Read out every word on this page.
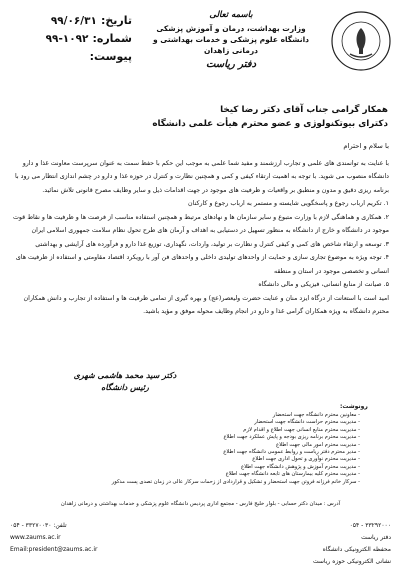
تاریخ:
۹۹/۰۶/۳۱
شماره:
۹۹-۱۰۹۲
پیوست:
باسمه تعالی
وزارت بهداشت، درمان و آموزش پزشکی
دانشگاه علوم پزشکی و خدمات بهداشتی و درمانی زاهدان
دفتر ریاست
همکار گرامی جناب آقای دکتر رضا کیخا
دکترای بیوتکنولوژی و عضو محترم هیأت علمی دانشگاه

با سلام و احترام

با عنایت به توانمندی های علمی و تجارب ارزشمند و مفید شما علمی به موجب این حکم با حفظ سمت به عنوان سرپرست معاونت غذا و دارو دانشگاه منصوب می شوید. با توجه به اهمیت ارتقاء کیفی و کمی و همچنین نظارت و کنترل در حوزه غذا و دارو در چشم اندازی انتظار می رود با برنامه ریزی دقیق و مدون و منطبق بر واقعیات و ظرفیت های موجود در جهت اقدامات ذیل و سایر وظایف مصرح قانونی تلاش نمائید.

۱. تکریم ارباب رجوع و پاسخگویی شایسته و مستمر به ارباب رجوع و کارکنان

۲. همکاری و هماهنگی لازم با وزارت متبوع و سایر سازمان ها و نهادهای مرتبط و همچنین استفاده مناسب از فرصت ها و ظرفیت ها و نقاط قوت موجود در دانشگاه و خارج از دانشگاه به منظور تسهیل در دستیابی به اهداف و آرمان های طرح تحول نظام سلامت جمهوری اسلامی ایران

۳. توسعه و ارتقاء شاخص های کمی و کیفی کنترل و نظارت بر تولید، واردات، نگهداری، توزیع غذا دارو و فرآورده های آرایشی و بهداشتی

۴. توجه ویژه به موضوع تجاری سازی و حمایت از واحدهای تولیدی داخلی و واحدهای فن آور با رویکرد اقتصاد مقاومتی و استفاده از ظرفیت های انسانی و تخصصی موجود در استان و منطقه

۵. صیانت از منابع انسانی، فیزیکی و مالی دانشگاه

امید است با استعانت از درگاه ایزد منان و عنایت حضرت ولیعصر(عج) و بهره گیری از تمامی ظرفیت ها و استفاده از تجارب و دانش همکاران محترم دانشگاه به ویژه همکاران گرامی غذا و دارو در انجام وظایف محوله موفق و مؤید باشید.

دکتر سید محمد هاشمی شهری
رئیس دانشگاه
رونوشت:
- معاونین محترم دانشگاه جهت استحضار
- مدیریت محترم حراست دانشگاه جهت استحضار
- مدیریت محترم منابع انسانی جهت اطلاع و اقدام لازم
- مدیریت محترم برنامه ریزی بودجه و پایش عملکرد جهت اطلاع
- مدیریت محترم امور مالی جهت اطلاع
- مدیر محترم دفتر ریاست و روابط عمومی دانشگاه جهت اطلاع
- مدیریت محترم نوآوری و تحول اداری جهت اطلاع
- مدیریت محترم آموزش و پژوهش دانشگاه جهت اطلاع
- مدیریت محترم کلیه بیمارستان های تابعه دانشگاه جهت اطلاع
- سرکار خانم فرزانه فروتن جهت استحضار و تشکیل و قراردادی از زحمات سرکار عالی در زمان تصدی پست مذکور
آدرس : میدان دکتر حسابی - بلوار خلیج فارس - مجتمع اداری پردیس دانشگاه علوم پزشکی و خدمات بهداشتی و درمانی زاهدان
تلفن: ۳۳۲۷۰۰۳۰ - ۰۵۴
www.zaums.ac.ir
Email:president@zaums.ac.ir
۳۳۲۹۲۰۰۰ - ۰۵۴
دفتر ریاست
محفظه الکترونیکی دانشگاه
نشانی الکترونیکی حوزه ریاست
